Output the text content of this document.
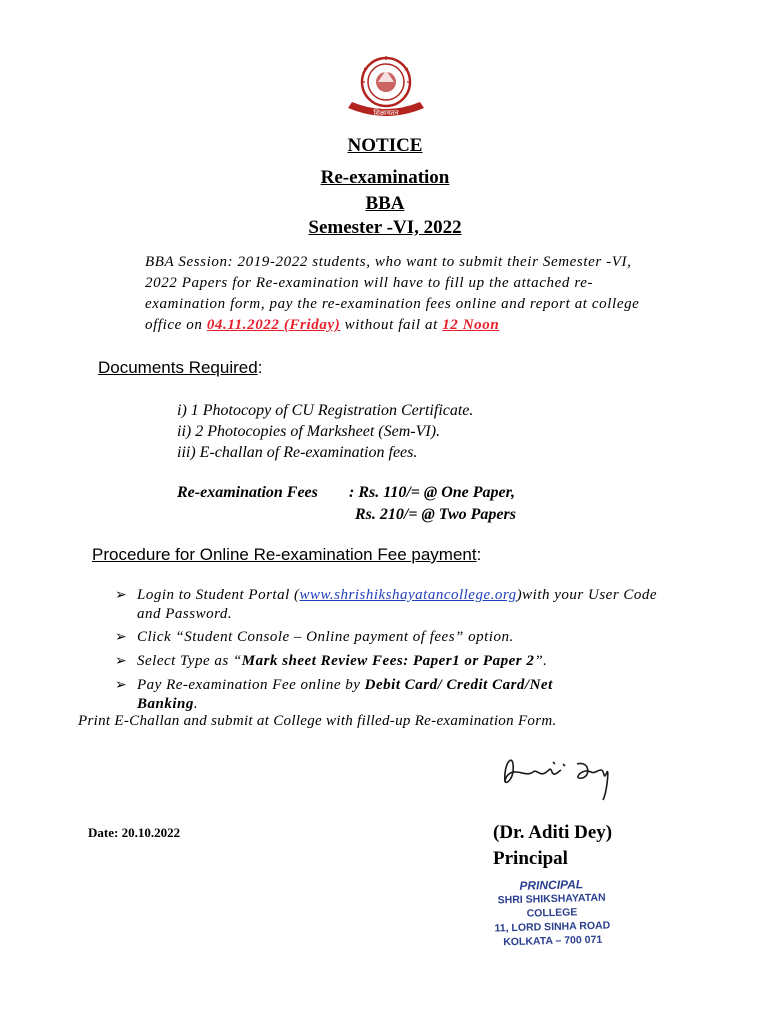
शिक्षायतन
NOTICE
Re-examination
BBA
Semester -VI, 2022
BBA Session: 2019-2022 students, who want to submit their Semester -VI, 2022 Papers for Re-examination will have to fill up the attached re-examination form, pay the re-examination fees online and report at college office on 04.11.2022 (Friday) without fail at 12 Noon
Documents Required:
i) 1 Photocopy of CU Registration Certificate.
ii) 2 Photocopies of Marksheet (Sem-VI).
iii) E-challan of Re-examination fees.
Re-examination Fees : Rs. 110/= @ One Paper,
Rs. 210/= @ Two Papers
Procedure for Online Re-examination Fee payment:
➢ Login to Student Portal (www.shrishikshayatancollege.org)with your User Code and Password.
➢ Click “Student Console – Online payment of fees” option.
➢ Select Type as “Mark sheet Review Fees: Paper1 or Paper 2”.
➢ Pay Re-examination Fee online by Debit Card/ Credit Card/Net Banking.
Print E-Challan and submit at College with filled-up Re-examination Form.
Date: 20.10.2022	(Dr. Aditi Dey)
Principal
PRINCIPAL
SHRI SHIKSHAYATAN COLLEGE
11, LORD SINHA ROAD
KOLKATA – 700 071
